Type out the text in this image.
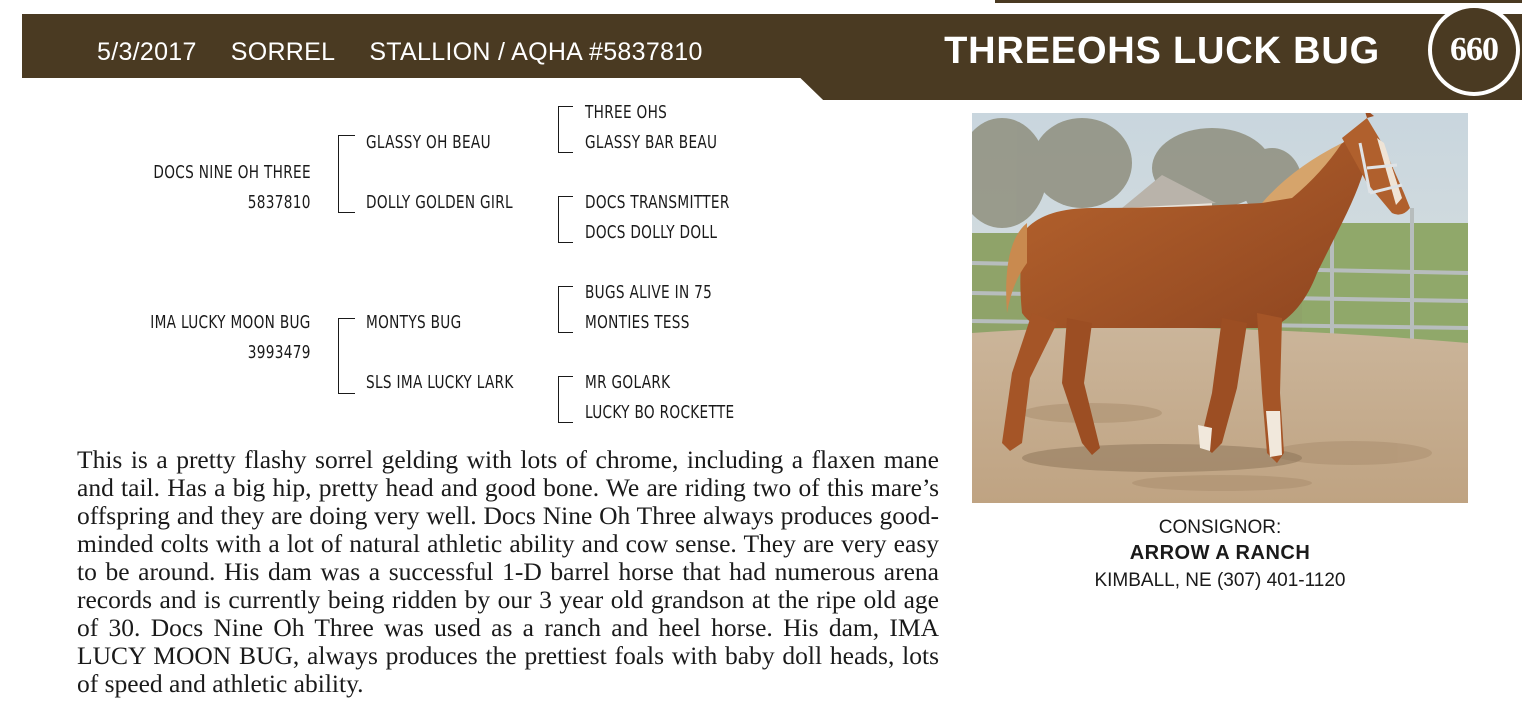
5/3/2017 SORREL STALLION / AQHA #5837810	THREEOHS LUCK BUG	660
DOCS NINE OH THREE
5837810
IMA LUCKY MOON BUG
3993479
GLASSY OH BEAU
DOLLY GOLDEN GIRL
MONTYS BUG
SLS IMA LUCKY LARK
THREE OHS
GLASSY BAR BEAU
DOCS TRANSMITTER
DOCS DOLLY DOLL
BUGS ALIVE IN 75
MONTIES TESS
MR GOLARK
LUCKY BO ROCKETTE

This is a pretty flashy sorrel gelding with lots of chrome, including a flaxen mane and tail. Has a big hip, pretty head and good bone. We are riding two of this mare’s offspring and they are doing very well. Docs Nine Oh Three always produces good-minded colts with a lot of natural athletic ability and cow sense. They are very easy to be around. His dam was a successful 1-D barrel horse that had numerous arena records and is currently being ridden by our 3 year old grandson at the ripe old age of 30. Docs Nine Oh Three was used as a ranch and heel horse. His dam, IMA LUCY MOON BUG, always produces the prettiest foals with baby doll heads, lots of speed and athletic ability.

CONSIGNOR:
ARROW A RANCH
KIMBALL, NE (307) 401-1120
